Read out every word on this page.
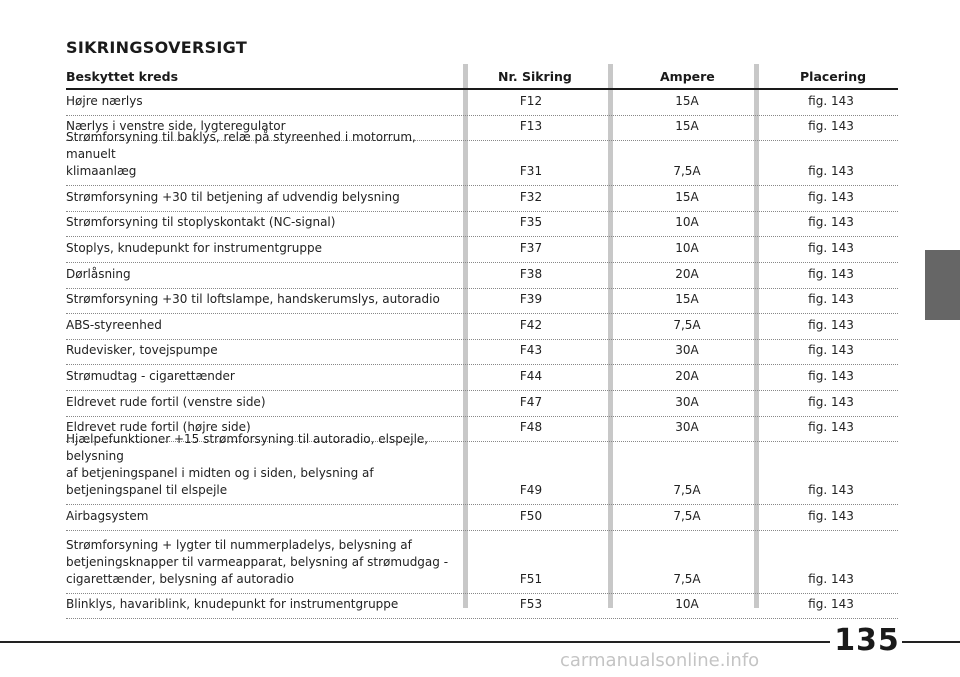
SIKRINGSOVERSIGT
Beskyttet kreds	Nr. Sikring	Ampere	Placering
Højre nærlys	F12	15A	fig. 143
Nærlys i venstre side, lygteregulator	F13	15A	fig. 143
Strømforsyning til baklys, relæ på styreenhed i motorrum, manuelt
klimaanlæg	F31	7,5A	fig. 143
Strømforsyning +30 til betjening af udvendig belysning	F32	15A	fig. 143
Strømforsyning til stoplyskontakt (NC-signal)	F35	10A	fig. 143
Stoplys, knudepunkt for instrumentgruppe	F37	10A	fig. 143
Dørlåsning	F38	20A	fig. 143
Strømforsyning +30 til loftslampe, handskerumslys, autoradio	F39	15A	fig. 143
ABS-styreenhed	F42	7,5A	fig. 143
Rudevisker, tovejspumpe	F43	30A	fig. 143
Strømudtag - cigarettænder	F44	20A	fig. 143
Eldrevet rude fortil (venstre side)	F47	30A	fig. 143
Eldrevet rude fortil (højre side)	F48	30A	fig. 143
Hjælpefunktioner +15 strømforsyning til autoradio, elspejle, belysning
af betjeningspanel i midten og i siden, belysning af
betjeningspanel til elspejle	F49	7,5A	fig. 143
Airbagsystem	F50	7,5A	fig. 143
Strømforsyning + lygter til nummerpladelys, belysning af
betjeningsknapper til varmeapparat, belysning af strømudgag -
cigarettænder, belysning af autoradio	F51	7,5A	fig. 143
Blinklys, havariblink, knudepunkt for instrumentgruppe	F53	10A	fig. 143
135
carmanualsonline.info
